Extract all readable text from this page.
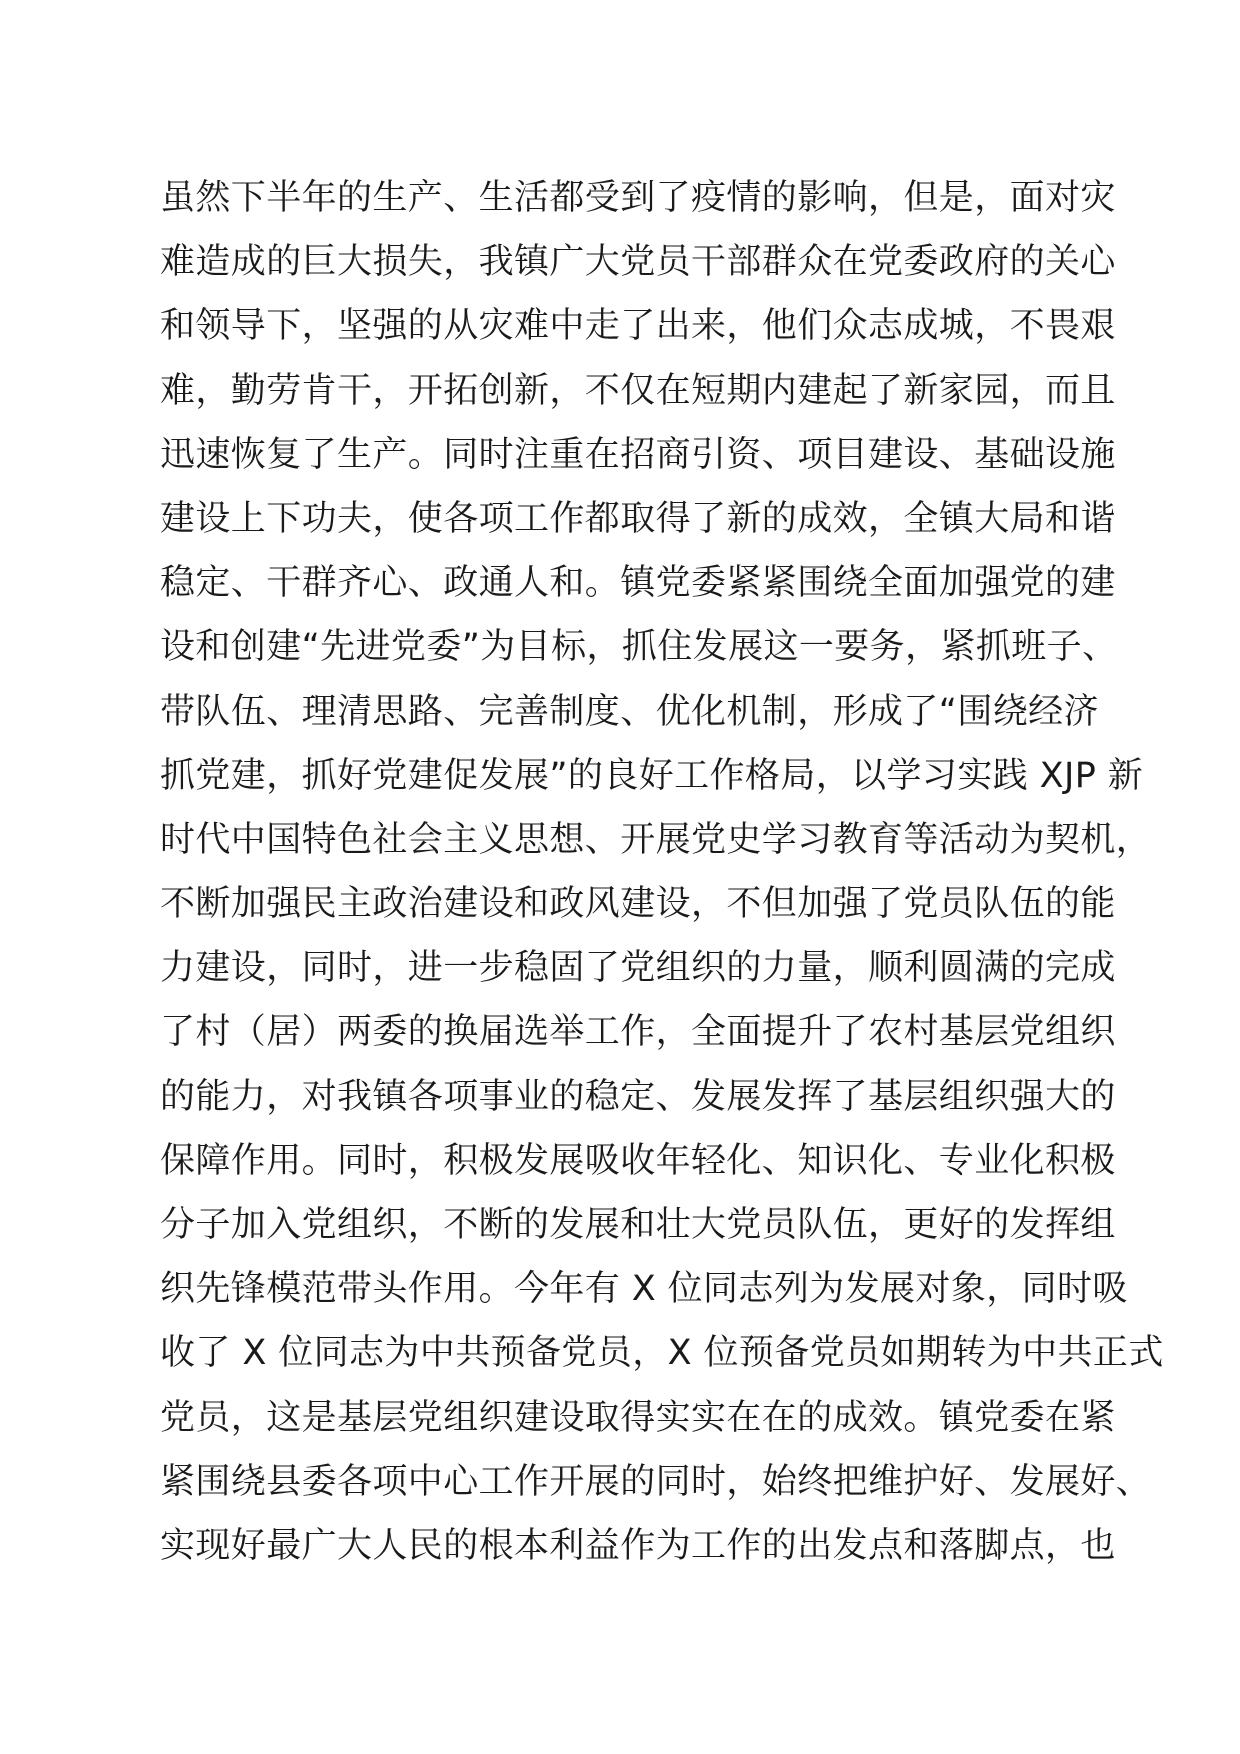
虽然下半年的生产、生活都受到了疫情的影响，但是，面对灾
难造成的巨大损失，我镇广大党员干部群众在党委政府的关心
和领导下，坚强的从灾难中走了出来，他们众志成城，不畏艰
难，勤劳肯干，开拓创新，不仅在短期内建起了新家园，而且
迅速恢复了生产。同时注重在招商引资、项目建设、基础设施
建设上下功夫，使各项工作都取得了新的成效，全镇大局和谐
稳定、干群齐心、政通人和。镇党委紧紧围绕全面加强党的建
设和创建“先进党委”为目标，抓住发展这一要务，紧抓班子、
带队伍、理清思路、完善制度、优化机制，形成了“围绕经济
抓党建，抓好党建促发展”的良好工作格局，以学习实践 XJP 新
时代中国特色社会主义思想、开展党史学习教育等活动为契机，
不断加强民主政治建设和政风建设，不但加强了党员队伍的能
力建设，同时，进一步稳固了党组织的力量，顺利圆满的完成
了村（居）两委的换届选举工作，全面提升了农村基层党组织
的能力，对我镇各项事业的稳定、发展发挥了基层组织强大的
保障作用。同时，积极发展吸收年轻化、知识化、专业化积极
分子加入党组织，不断的发展和壮大党员队伍，更好的发挥组
织先锋模范带头作用。今年有 X 位同志列为发展对象，同时吸
收了 X 位同志为中共预备党员，X 位预备党员如期转为中共正式
党员，这是基层党组织建设取得实实在在的成效。镇党委在紧
紧围绕县委各项中心工作开展的同时，始终把维护好、发展好、
实现好最广大人民的根本利益作为工作的出发点和落脚点，也
